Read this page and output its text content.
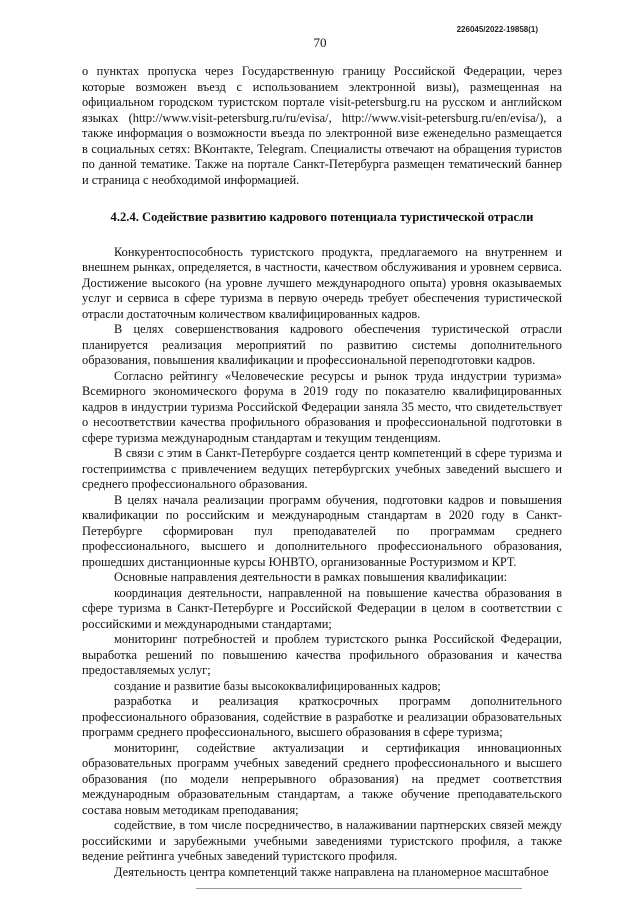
226045/2022-19858(1)
70

о пунктах пропуска через Государственную границу Российской Федерации, через которые возможен въезд с использованием электронной визы), размещенная на официальном городском туристском портале visit-petersburg.ru на русском и английском языках (http://www.visit-petersburg.ru/ru/evisa/, http://www.visit-petersburg.ru/en/evisa/), а также информация о возможности въезда по электронной визе еженедельно размещается в социальных сетях: ВКонтакте, Telegram. Специалисты отвечают на обращения туристов по данной тематике. Также на портале Санкт-Петербурга размещен тематический баннер и страница с необходимой информацией.

4.2.4. Содействие развитию кадрового потенциала туристической отрасли

Конкурентоспособность туристского продукта, предлагаемого на внутреннем и внешнем рынках, определяется, в частности, качеством обслуживания и уровнем сервиса. Достижение высокого (на уровне лучшего международного опыта) уровня оказываемых услуг и сервиса в сфере туризма в первую очередь требует обеспечения туристической отрасли достаточным количеством квалифицированных кадров.

В целях совершенствования кадрового обеспечения туристической отрасли планируется реализация мероприятий по развитию системы дополнительного образования, повышения квалификации и профессиональной переподготовки кадров.

Согласно рейтингу «Человеческие ресурсы и рынок труда индустрии туризма» Всемирного экономического форума в 2019 году по показателю квалифицированных кадров в индустрии туризма Российской Федерации заняла 35 место, что свидетельствует о несоответствии качества профильного образования и профессиональной подготовки в сфере туризма международным стандартам и текущим тенденциям.

В связи с этим в Санкт-Петербурге создается центр компетенций в сфере туризма и гостеприимства с привлечением ведущих петербургских учебных заведений высшего и среднего профессионального образования.

В целях начала реализации программ обучения, подготовки кадров и повышения квалификации по российским и международным стандартам в 2020 году в Санкт-Петербурге сформирован пул преподавателей по программам среднего профессионального, высшего и дополнительного профессионального образования, прошедших дистанционные курсы ЮНВТО, организованные Ростуризмом и КРТ.

Основные направления деятельности в рамках повышения квалификации:

координация деятельности, направленной на повышение качества образования в сфере туризма в Санкт-Петербурге и Российской Федерации в целом в соответствии с российскими и международными стандартами;

мониторинг потребностей и проблем туристского рынка Российской Федерации, выработка решений по повышению качества профильного образования и качества предоставляемых услуг;

создание и развитие базы высококвалифицированных кадров;

разработка и реализация краткосрочных программ дополнительного профессионального образования, содействие в разработке и реализации образовательных программ среднего профессионального, высшего образования в сфере туризма;

мониторинг, содействие актуализации и сертификация инновационных образовательных программ учебных заведений среднего профессионального и высшего образования (по модели непрерывного образования) на предмет соответствия международным образовательным стандартам, а также обучение преподавательского состава новым методикам преподавания;

содействие, в том числе посредничество, в налаживании партнерских связей между российскими и зарубежными учебными заведениями туристского профиля, а также ведение рейтинга учебных заведений туристского профиля.

Деятельность центра компетенций также направлена на планомерное масштабное
